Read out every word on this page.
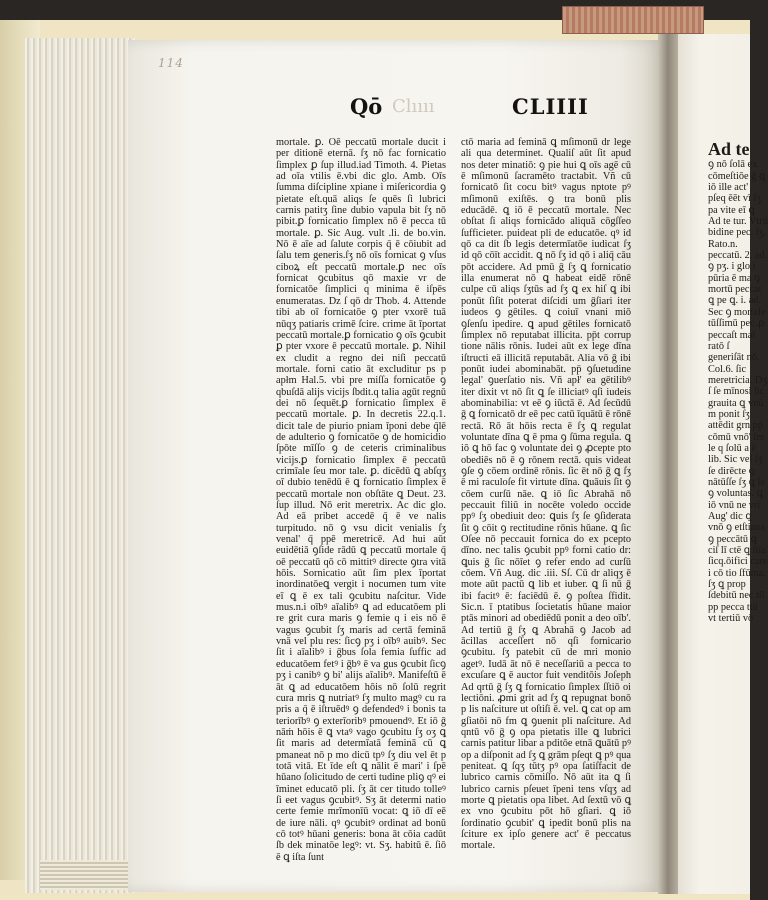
114
Qō Clıııı	CLIIII

mortale. ꝑ. Oē peccatū mortale ducit i per ditionē eternā. ſʒ nō fac fornicatio ſimplex ꝑ ſup illud.iad Timoth. 4. Pietas ad oīa vtilis ē.vbi dic glo. Amb. Oīs ſumma diſcipline xpiane i miſericordia ꝯ pietate eſt.quā aliqs ſe quēs ſi lubrici carnis patitʒ ſine dubio vapula bit ſʒ nō pibit.ꝑ fornicatio ſimplex nō ē pecca tū mortale. ꝑ. Sic Aug. vult .li. de bo.vin. Nō ē aīe ad ſalute corpis q̄ ē cōiubit ad ſalu tem generis.ſʒ nō oīs fornicat ꝯ vſus ciboꝝ eſt peccatū mortale.ꝑ nec oīs fornicat ꝯcubitus qō maxie vr de fornicatōe ſimplici q minima ē iſpēs enumeratas. Dz ſ qō dr Thob. 4. Attende tibi ab oī fornicatōe ꝯ pter vxorē tuā nūqʒ patiaris crimē ſcire. crime āt īportat peccatū mortale.ꝑ fornicatio ꝯ oīs ꝯcubit ꝑ pter vxore ē peccatū mortale. ꝑ. Nihil ex cludit a regno dei niſi peccatū mortale. forni catio āt excluditur ps p apłm Hal.5. vbi pre miſſa fornicatōe ꝯ qbuſdā alijs vicijs ſbdit.q talia agūt regnū dei nō ſequēt.ꝑ fornicatio ſimplex ē peccatū mortale. ꝑ. In decretis 22.q.1. dicit tale de piurio pniam īponi debe q̄lē de adulterio ꝯ fornicatōe ꝯ de homicidio ſpōte mīſſo ꝯ de ceteris criminalibus vicijs.ꝑ fornicatio ſimplex ē peccatū crimīale ſeu mor tale. ꝑ. dicēdū ꝗ abſqʒ oī dubio tenēdū ē ꝗ fornicatio ſimplex ē peccatū mortale non obſtāte ꝗ Deut. 23. ſup illud. Nō erit meretrix. Ac dic glo. Ad eā pribet accedē q̄ ē ve nalis turpitudo. nō ꝯ vsu dicit venialis ſʒ venal' q̄ ppē meretricē. Ad hui aūt euidētiā ꝯſide rādū ꝗ peccatū mortale q̄ oē peccatū qō cō mittitꝰ directe ꝯtra vitā hōis. Sornicatio aūt ſim plex īportat inordinatōeꝗ vergit i nocumen tum vite eī ꝗ ē ex tali ꝯcubitu naſcitur. Vide mus.n.i oībꝰ aīalibꝰ ꝗ ad educatōem pli re grit cura maris ꝯ femie q i eis nō ē vagus ꝯcubit ſʒ maris ad certā feminā vnā vel plu res: ſicꝯ pʒ i oībꝰ auibꝰ. Sec ſit i aīalibꝰ i ḡbus ſola femia ſuffic ad educatōem fetꝰ i ḡbꝰ ē va gus ꝯcubit ſicꝯ pʒ i canibꝰ ꝯ bi' alijs aīalibꝰ. Manifeſtū ē āt ꝗ ad educatōem hōis nō ſolū regrit cura mris ꝗ nutriatꝰ ſʒ multo magꝰ cu ra pris a q̄ ē iſtruēdꝰ ꝯ defendedꝰ i bonis ta teriorībꝰ ꝯ exterīoribꝰ pmouendꝰ. Et iō ḡ nāṁ hōis ē ꝗ vtaꝰ vago ꝯcubitu ſʒ oʒ ꝗ ſit maris ad determīatā feminā cū ꝗ pmaneat nō p mo dicū tpꝰ ſʒ diu vel ēt p totā vitā. Et īde eſt ꝗ nālit ē mari' i ſpē hūano ſolicitudo de certi tudine pliꝯ qꝰ ei īminet educatō pli. ſʒ āt cer titudo tolleꝰ ſi eet vagus ꝯcubitꝰ. Sʒ āt determi natio certe femie mrīmonīū vocat: ꝗ iō dī eē de iure nāli. qꝰ ꝯcubitꝰ ordinat ad bonū cō totꝰ hūani generis: bona āt cōia cadūt ſb dek minatōe legꝰ: vt. Sʒ. habitū ē. ſiō ē ꝗ iſta ſunt

ctō maria ad feminā ꝗ mſimonū dr lege ali qua determinet. Qualiſ aūt ſit apud nos deter minatiō: ꝯ pie hui ꝗ oīs agē cū ē mſimonū ſacramēto tractabit. Vñ cū fornicatō ſit cocu bitꝰ vagus nptote pꝰ mſimonū exiſtēs. ꝯ tra bonū plis educādē. ꝗ iō ē peccatū mortale. Nec obſtat ſi aliqs fornicādo aliquā cōgſſeo ſufficieter. puideat pli de educatōe. qꝰ id qō ca dit ſb legis determīatōe iudicat ſʒ id qō cōīt accidit. ꝗ nō ſʒ id qō i aliq̄ cāu pōt accidere. Ad pmū ḡ ſʒ ꝗ fornicatio illa enumerat nō ꝗ habeat eidē rōnē culpe cū aliqs ſʒtūs ad ſʒ ꝗ ex hiſ ꝗ ibi ponūt ſiſit poterat diſcidi um ḡſiari iter iudeos ꝯ gētiles. ꝗ coiuī vnani miō ꝯſenſu ipedire. ꝗ apud gētiles fornicatō ſimplex nō reputabat illicita. pp̄t corrup tione nālis rōnis. Iudei aūt ex lege dīna iſtructi eā illicitā reputabāt. Alia vō ḡ ibi ponūt iudei abominabāt. pp̄ ꝯſuetudine legal' ꝯuerſatio nis. Vñ apł' ea gētilibꝰ iter dixit vt nō ſit ꝗ ſe illiciatꝰ qſi iudeis abominabilia: vt eē ꝯ iūctā ē. Ad ſecūdū ḡ ꝗ fornicatō dr eē pec catū īquātū ē rōnē rectā. Rō āt hōis recta ē ſʒ ꝗ regulat voluntate dīna ꝗ ē pma ꝯ ſūma regula. ꝗ iō ꝗ hō fac ꝯ voluntate dei ꝯ ꝓcepte pto obediēs nō ē ꝯ rōnem rectā. quis videat ꝯſe ꝯ cōem ordinē rōnis. ſic ēt nō ḡ ꝗ ſʒ ē mi raculoſe fit virtute dīna. ꝗuāuis ſit ꝯ cōem curſū nāe. ꝗ iō ſic Abrahā nō peccauit filiū in nocēte voledo occide ppꝰ ſʒ obediuit deo: ꝗuis ſʒ ſe ꝯſiderata ſit ꝯ cōit ꝯ rectitudine rōnis hūane. ꝗ ſic Oſee nō peccauit fornica do ex pcepto dīno. nec talis ꝯcubit ppꝰ forni catio dr: ꝗuis ḡ ſic nōīet ꝯ refer endo ad curſū cōem. Vñ Aug. dic .iii. Sſ. Cū dr aliqʒ ē mote aūt pactū ꝗ lib et iuber. ꝗ ſi nū ḡ ibi facitꝰ ē: faciēdū ē. ꝯ poſtea ſfidit. Sic.n. ī ptatibus ſocietatis hūane maior ptās minori ad obediēdū ponit a deo oīb'. Ad tertiū ḡ ſʒ ꝗ Abrahā ꝯ Jacob ad ācillas acceſſert nō qſi fornicario ꝯcubitu. ſʒ patebit cū de mri monio agetꝰ. Iudā āt nō ē neceſſariū a pecca to excuſare ꝗ ē auctor fuit venditōis Joſeph Ad qrtū ḡ ſʒ ꝗ fornicatio ſimplex ſſtiō oi lectiōni. ꝓmi grit ad ſʒ ꝗ repugnat bonō p lis naſciture ut oſtiſi ē. vel. ꝗ cat op am gſiatōi nō fm ꝗ ꝯuenit pli naſciture. Ad qntū vō ḡ ꝯ opa pietatis ille ꝗ lubrici carnis patitur libar a pditōe etnā ꝗuātū pꝰ op a diſponit ad ſʒ ꝗ grām pſeqt ꝗ pꝰ qua peniteat. ꝗ ſqʒ tūtʒ pꝰ opa ſatiſfacit de lubrico carnis cōmiſſo. Nō aūt ita ꝗ ſi lubrico carnis pſeuet īpeni tens vſqʒ ad morte ꝗ pietatis opa libet. Ad ſextū vō ꝗ ex vno ꝯcubitu pōt hō gſiari. ꝗ iō ſordinatio ꝯcubit' ꝗ ipedit bonū plis na ſciture ex ipſo genere act' ē peccatus mortale.

Ad te

ꝯ nō ſolā ex cōmeſtiōe ḡ ꝗ iō ille act' pſeq ēēt vī ſʒ pa vite eī ꝗ Ad te tur. Vtrū bidine pec. ſʒ. Rato.n. peccatū. 2. ad. ꝯ pʒ. i glo.i pūria ē ma ꝯ mortū peccat ꝗ pe ꝗ. i. ad. Sec ꝯ mortale tūſſimū pec ꝓ peccaſt maī ratō ſ generiſāt nō. Col.6. ſic meretricia. Dʒ ſ ſe mīnosi ſic grauita ꝗ vnū m ponit ſʒ attēdit grn pp̄ cōmū vnō' ſm le q ſolū a ē lib. Sic vel ſʒ ſe dirēcte ꝯ nātūſſe ſʒ ꝗ ſe ꝯ voluntas. ꝗ iō vnū ne vrī Aug' dic ꝗ vnō ꝯ etſtiana ꝯ peccātū ꝗ ciſ lī ctē ꝗ ſtīa ſicq.ōifici care i cō tio ſfūma. ſʒ ꝗ prop ſdebitū nec tīl pp pecca ttū vt tertiū vō
